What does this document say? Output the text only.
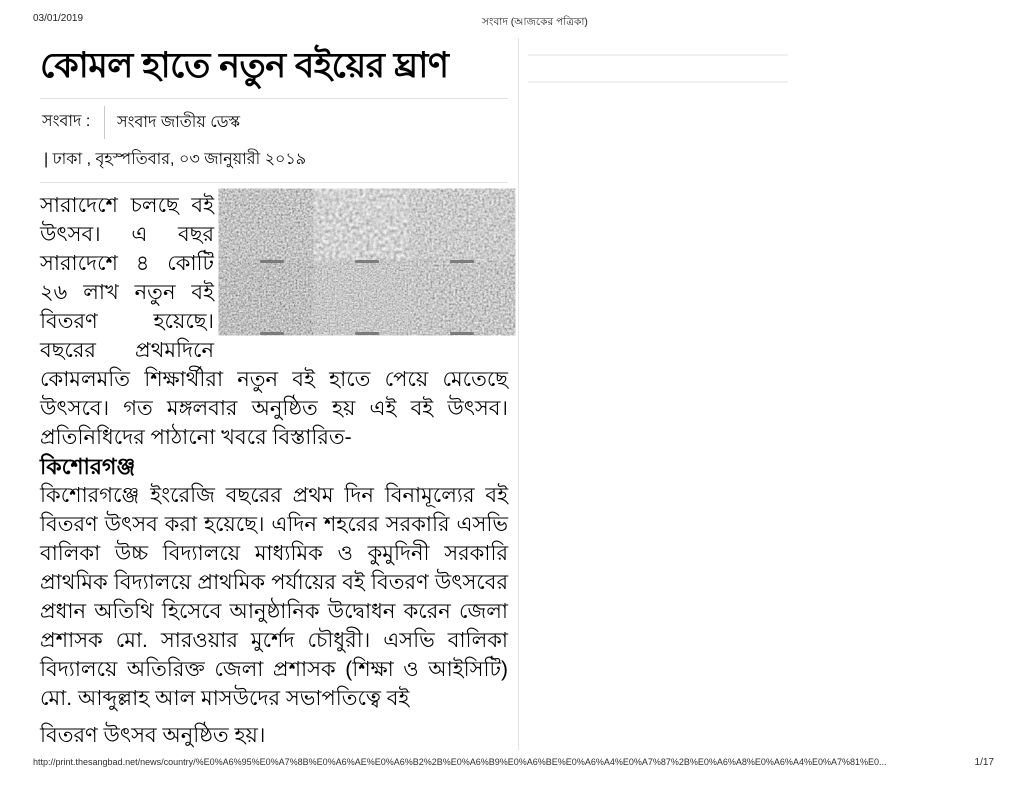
03/01/2019	সংবাদ (আজকের পত্রিকা)
কোমল হাতে নতুন বইয়ের ঘ্রাণ
সংবাদ :	সংবাদ জাতীয় ডেস্ক
| ঢাকা , বৃহস্পতিবার, ০৩ জানুয়ারী ২০১৯

সারাদেশে চলছে বই উৎসব। এ বছর সারাদেশে ৪ কোটি ২৬ লাখ নতুন বই বিতরণ হয়েছে। বছরের প্রথমদিনে কোমলমতি শিক্ষার্থীরা নতুন বই হাতে পেয়ে মেতেছে উৎসবে। গত মঙ্গলবার অনুষ্ঠিত হয় এই বই উৎসব। প্রতিনিধিদের পাঠানো খবরে বিস্তারিত-

কিশোরগঞ্জ

কিশোরগঞ্জে ইংরেজি বছরের প্রথম দিন বিনামূল্যের বই বিতরণ উৎসব করা হয়েছে। এদিন শহরের সরকারি এসভি বালিকা উচ্চ বিদ্যালয়ে মাধ্যমিক ও কুমুদিনী সরকারি প্রাথমিক বিদ্যালয়ে প্রাথমিক পর্যায়ের বই বিতরণ উৎসবের প্রধান অতিথি হিসেবে আনুষ্ঠানিক উদ্বোধন করেন জেলা প্রশাসক মো. সারওয়ার মুর্শেদ চৌধুরী। এসভি বালিকা বিদ্যালয়ে অতিরিক্ত জেলা প্রশাসক (শিক্ষা ও আইসিটি) মো. আব্দুল্লাহ আল মাসউদের সভাপতিত্বে বই

বিতরণ উৎসব অনুষ্ঠিত হয়।
http://print.thesangbad.net/news/country/%E0%A6%95%E0%A7%8B%E0%A6%AE%E0%A6%B2%2B%E0%A6%B9%E0%A6%BE%E0%A6%A4%E0%A7%87%2B%E0%A6%A8%E0%A6%A4%E0%A7%81%E0...	1/17
